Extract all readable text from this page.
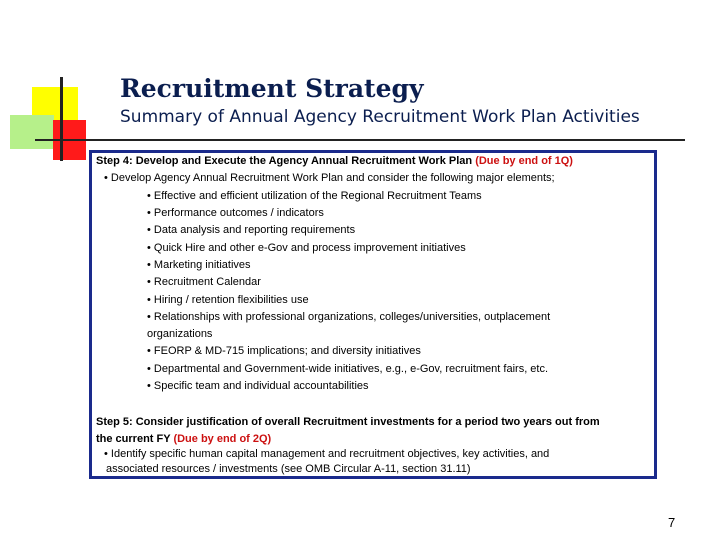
Recruitment Strategy
Summary of Annual Agency Recruitment Work Plan Activities
Step 4: Develop and Execute the Agency Annual Recruitment Work Plan (Due by end of 1Q)
• Develop Agency Annual Recruitment Work Plan and consider the following major elements;
• Effective and efficient utilization of the Regional Recruitment Teams
• Performance outcomes / indicators
• Data analysis and reporting requirements
• Quick Hire and other e-Gov and process improvement initiatives
• Marketing initiatives
• Recruitment Calendar
• Hiring / retention flexibilities use
• Relationships with professional organizations, colleges/universities, outplacement
organizations
• FEORP & MD-715 implications; and diversity initiatives
• Departmental and Government-wide initiatives, e.g., e-Gov, recruitment fairs, etc.
• Specific team and individual accountabilities
Step 5: Consider justification of overall Recruitment investments for a period two years out from
the current FY (Due by end of 2Q)
• Identify specific human capital management and recruitment objectives, key activities, and
associated resources / investments (see OMB Circular A-11, section 31.11)
7
